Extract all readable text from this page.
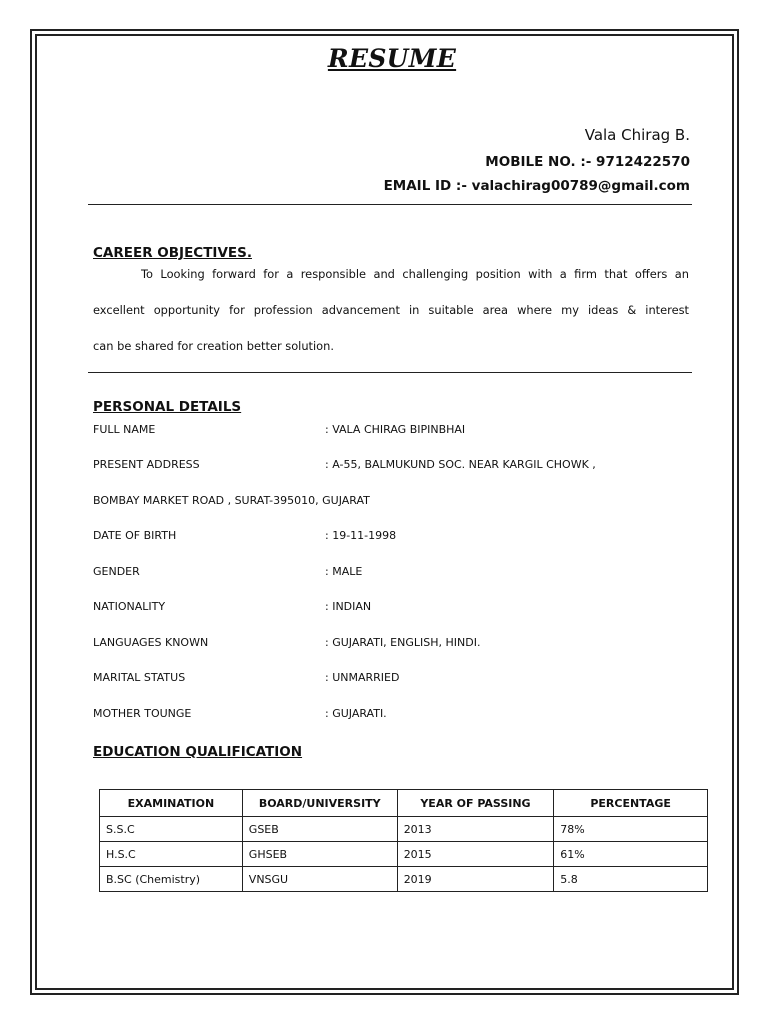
RESUME
Vala Chirag B.
MOBILE NO. :- 9712422570
EMAIL ID :- valachirag00789@gmail.com
CAREER OBJECTIVES.
To Looking forward for a responsible and challenging position with a firm that offers an
excellent opportunity for profession advancement in suitable area where my ideas & interest
can be shared for creation better solution.
PERSONAL DETAILS
FULL NAME	: VALA CHIRAG BIPINBHAI
PRESENT ADDRESS	: A-55, BALMUKUND SOC. NEAR KARGIL CHOWK ,
BOMBAY MARKET ROAD , SURAT-395010, GUJARAT
DATE OF BIRTH	: 19-11-1998
GENDER	: MALE
NATIONALITY	: INDIAN
LANGUAGES KNOWN	: GUJARATI, ENGLISH, HINDI.
MARITAL STATUS	: UNMARRIED
MOTHER TOUNGE	: GUJARATI.
EDUCATION QUALIFICATION
EXAMINATION	BOARD/UNIVERSITY	YEAR OF PASSING	PERCENTAGE
S.S.C	GSEB	2013	78%
H.S.C	GHSEB	2015	61%
B.SC (Chemistry)	VNSGU	2019	5.8
